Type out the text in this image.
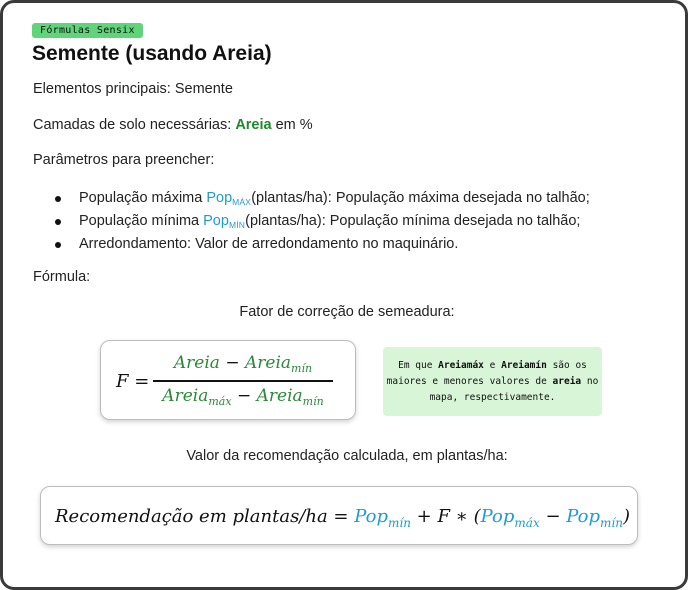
Fórmulas Sensix
Semente (usando Areia)
Elementos principais: Semente
Camadas de solo necessárias: Areia em %
Parâmetros para preencher:
População máxima Pop$_{MÁX}$(plantas/ha): População máxima desejada no talhão;
População mínima Pop$_{MÍN}$(plantas/ha): População mínima desejada no talhão;
Arredondamento: Valor de arredondamento no maquinário.
Fórmula:
Fator de correção de semeadura:
F =
Areia − Areia$_{mín}$
Areia$_{máx}$ − Areia$_{mín}$
Em que Areiamáx e Areiamín são os maiores e menores valores de areia no mapa, respectivamente.
Valor da recomendação calculada, em plantas/ha:
Recomendação em plantas/ha = Pop$_{mín}$ + F ∗ (Pop$_{máx}$ − Pop$_{mín}$)
